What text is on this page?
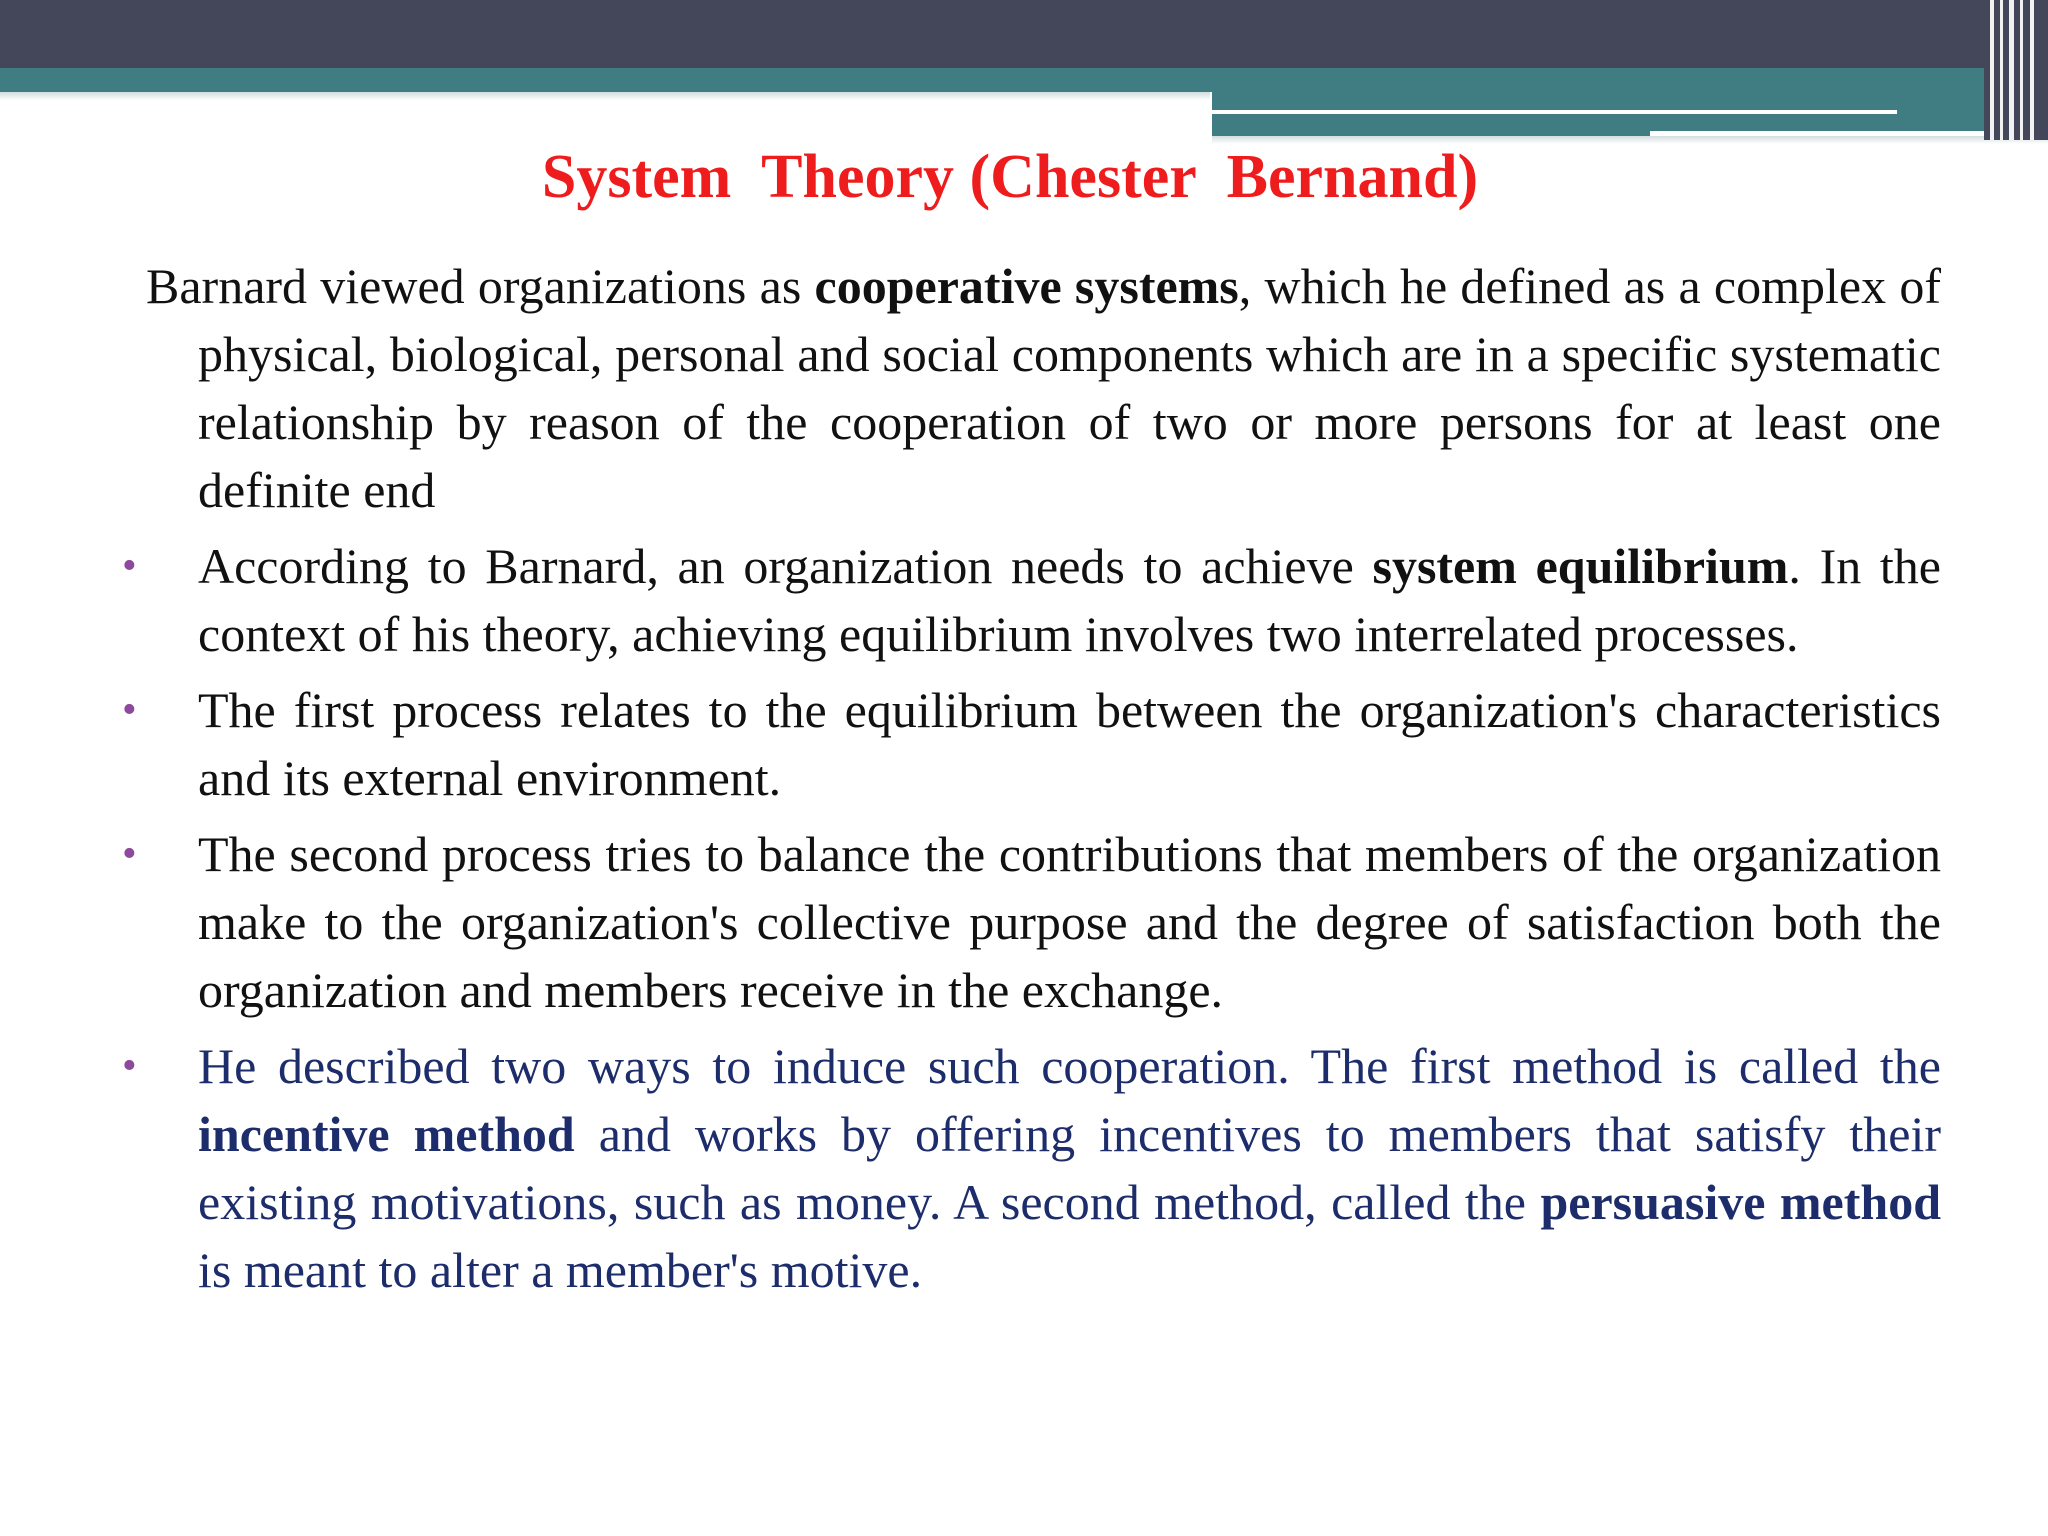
System  Theory (Chester  Bernand)
Barnard viewed organizations as cooperative systems, which he defined as a complex of physical, biological, personal and social components which are in a specific systematic relationship by reason of the cooperation of two or more persons for at least one definite end
• According to Barnard, an organization needs to achieve system equilibrium. In the context of his theory, achieving equilibrium involves two interrelated processes.
• The first process relates to the equilibrium between the organization's characteristics and its external environment.
• The second process tries to balance the contributions that members of the organization make to the organization's collective purpose and the degree of satisfaction both the organization and members receive in the exchange.
• He described two ways to induce such cooperation. The first method is called the incentive method and works by offering incentives to members that satisfy their existing motivations, such as money. A second method, called the persuasive method is meant to alter a member's motive.
